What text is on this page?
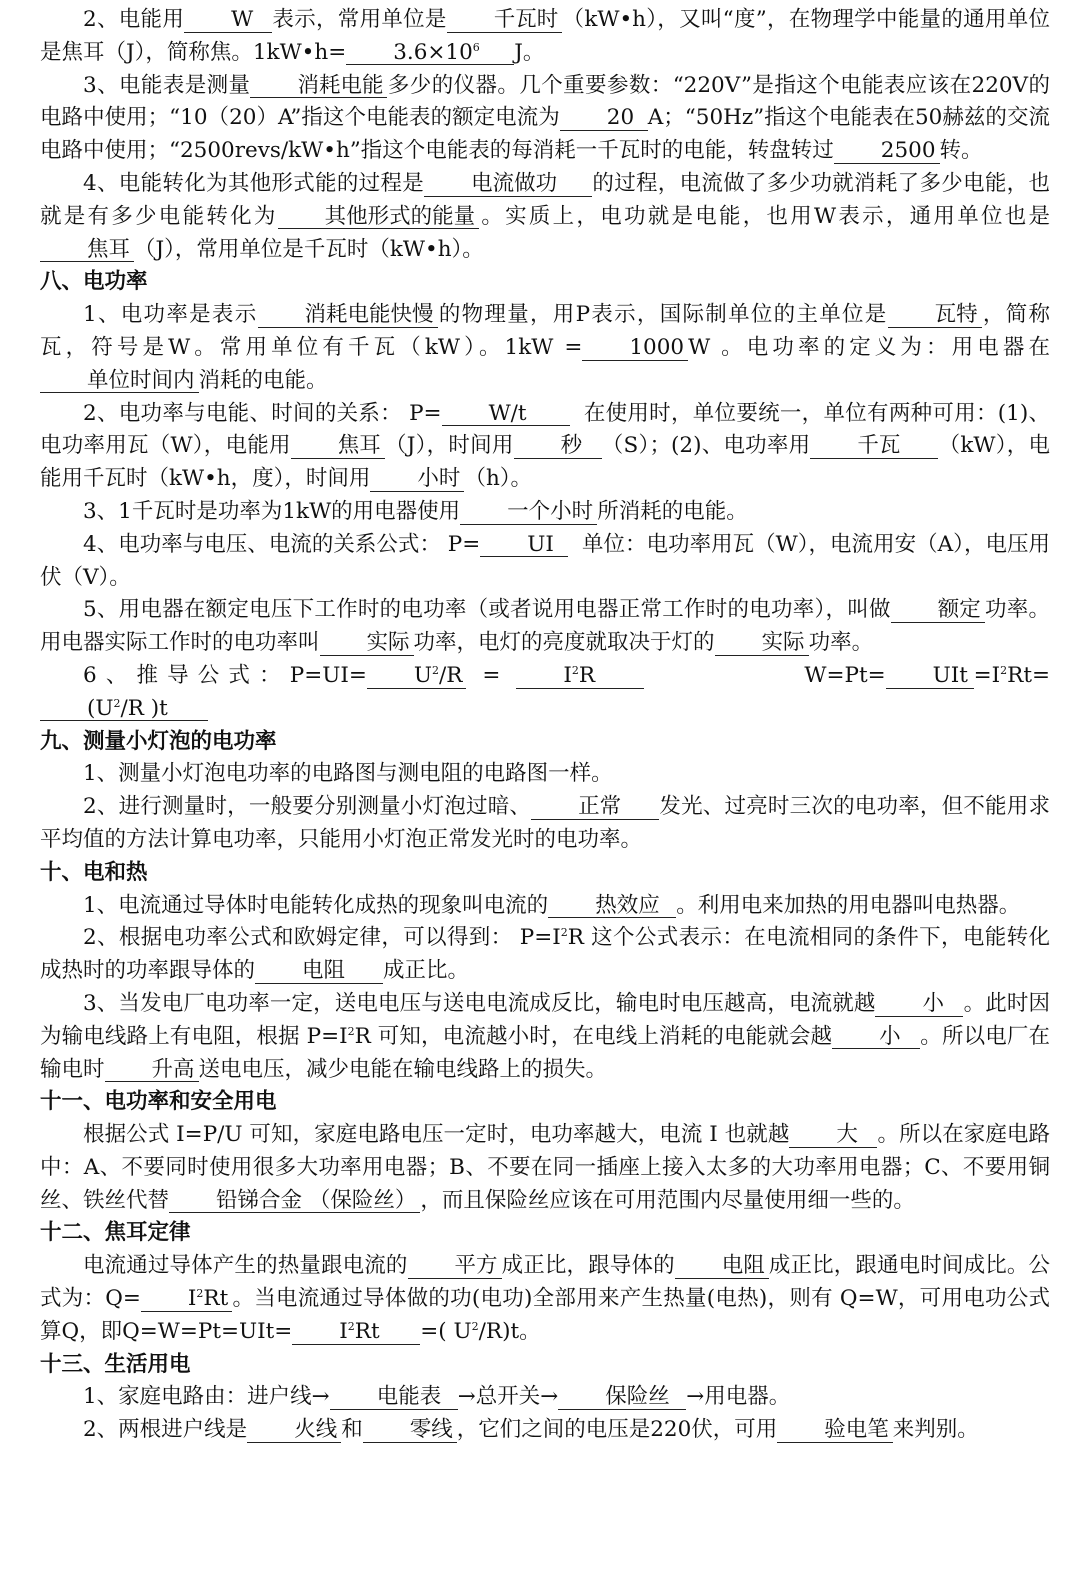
2、电能用 W 表示，常用单位是 千瓦时 （kW•h），又叫“度”，在物理学中能量的通用单位是焦耳（J），简称焦。1kW•h= $3.6\times 10^6$ J。

3、电能表是测量 消耗电能 多少的仪器。几个重要参数：“220V”是指这个电能表应该在220V的电路中使用；“10（20）A”指这个电能表的额定电流为 20 A；“50Hz”指这个电能表在50赫兹的交流电路中使用；“2500revs/kW•h”指这个电能表的每消耗一千瓦时的电能，转盘转过 2500 转。

4、电能转化为其他形式能的过程是 电流做功 的过程，电流做了多少功就消耗了多少电能，也就是有多少电能转化为 其他形式的能量 。实质上，电功就是电能，也用W表示，通用单位也是焦耳 （J），常用单位是千瓦时（kW•h）。

八、电功率

1、电功率是表示 消耗电能快慢 的物理量，用P表示，国际制单位的主单位是 瓦特 ，简称瓦，符号是W。常用单位有千瓦（kW）。1kW = 1000 W 。电功率的定义为：用电器在单位时间内 消耗的电能。

2、电功率与电能、时间的关系： P= W/t	在使用时，单位要统一，单位有两种可用：(1)、电功率用瓦（W），电能用 焦耳 （J），时间用 秒 （S）；(2)、电功率用 千瓦 （kW），电能用千瓦时（kW•h，度），时间用 小时 （h）。

3、1千瓦时是功率为1kW的用电器使用 一个小时 所消耗的电能。

4、电功率与电压、电流的关系公式： P= UI 单位：电功率用瓦（W），电流用安（A），电压用伏（V）。

5、用电器在额定电压下工作时的电功率（或者说用电器正常工作时的电功率），叫做 额定 功率。用电器实际工作时的电功率叫 实际 功率，电灯的亮度就取决于灯的 实际 功率。

6、推导公式：$P=UI= U^2/R$ =	$I^2R$	W=Pt= UIt $=I^2Rt=(U^2/R$ )t

九、测量小灯泡的电功率

1、测量小灯泡电功率的电路图与测电阻的电路图一样。

2、进行测量时，一般要分别测量小灯泡过暗、 正常 发光、过亮时三次的电功率，但不能用求平均值的方法计算电功率，只能用小灯泡正常发光时的电功率。

十、电和热

1、电流通过导体时电能转化成热的现象叫电流的 热效应 。利用电来加热的用电器叫电热器。

2、根据电功率公式和欧姆定律，可以得到： $P=I^2R$ 这个公式表示：在电流相同的条件下，电能转化成热时的功率跟导体的 电阻 成正比。

3、当发电厂电功率一定，送电电压与送电电流成反比，输电时电压越高，电流就越 小 。此时因为输电线路上有电阻，根据 $P=I^2R$ 可知，电流越小时，在电线上消耗的电能就会越 小 。所以电厂在输电时 升高 送电电压，减少电能在输电线路上的损失。

十一、电功率和安全用电

根据公式 I=P/U 可知，家庭电路电压一定时，电功率越大，电流 I 也就越 大 。所以在家庭电路中：A、不要同时使用很多大功率用电器；B、不要在同一插座上接入太多的大功率用电器；C、不要用铜丝、铁丝代替 铅锑合金 （保险丝） ，而且保险丝应该在可用范围内尽量使用细一些的。

十二、焦耳定律

电流通过导体产生的热量跟电流的 平方 成正比，跟导体的 电阻 成正比，跟通电时间成比。公式为：$Q= I^2Rt$ 。当电流通过导体做的功(电功)全部用来产生热量(电热)，则有 Q=W，可用电功公式算Q，即$Q=W=Pt=UIt= I^2Rt$ =( $U^2/R)t$。

十三、生活用电

1、家庭电路由：进户线→ 电能表 →总开关→ 保险丝 →用电器。

2、两根进户线是 火线 和 零线 ，它们之间的电压是220伏，可用 验电笔 来判别。
